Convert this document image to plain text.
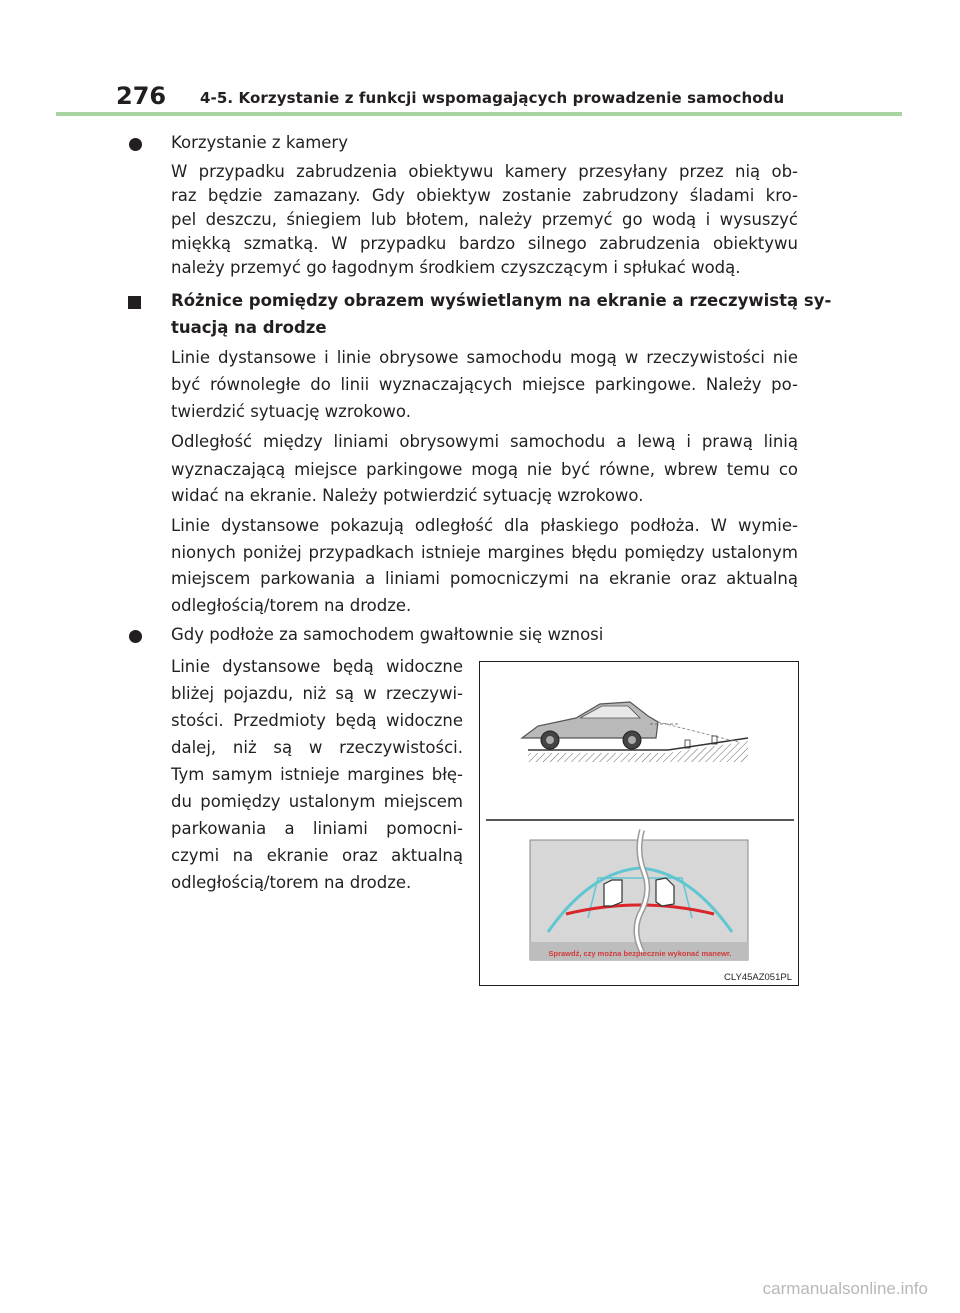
276 4-5. Korzystanie z funkcji wspomagających prowadzenie samochodu
Korzystanie z kamery
W przypadku zabrudzenia obiektywu kamery przesyłany przez nią ob-
raz będzie zamazany. Gdy obiektyw zostanie zabrudzony śladami kro-
pel deszczu, śniegiem lub błotem, należy przemyć go wodą i wysuszyć
miękką szmatką. W przypadku bardzo silnego zabrudzenia obiektywu
należy przemyć go łagodnym środkiem czyszczącym i spłukać wodą.
Różnice pomiędzy obrazem wyświetlanym na ekranie a rzeczywistą sy-
tuacją na drodze
Linie dystansowe i linie obrysowe samochodu mogą w rzeczywistości nie
być równoległe do linii wyznaczających miejsce parkingowe. Należy po-
twierdzić sytuację wzrokowo.
Odległość między liniami obrysowymi samochodu a lewą i prawą linią
wyznaczającą miejsce parkingowe mogą nie być równe, wbrew temu co
widać na ekranie. Należy potwierdzić sytuację wzrokowo.
Linie dystansowe pokazują odległość dla płaskiego podłoża. W wymie-
nionych poniżej przypadkach istnieje margines błędu pomiędzy ustalonym
miejscem parkowania a liniami pomocniczymi na ekranie oraz aktualną
odległością/torem na drodze.
Gdy podłoże za samochodem gwałtownie się wznosi
Linie dystansowe będą widoczne
bliżej pojazdu, niż są w rzeczywi-
stości. Przedmioty będą widoczne
dalej, niż są w rzeczywistości.
Tym samym istnieje margines błę-
du pomiędzy ustalonym miejscem
parkowania a liniami pomocni-
czymi na ekranie oraz aktualną
odległością/torem na drodze.
Sprawdź, czy można bezpiecznie wykonać manewr.
CLY45AZ051PL
carmanualsonline.info
